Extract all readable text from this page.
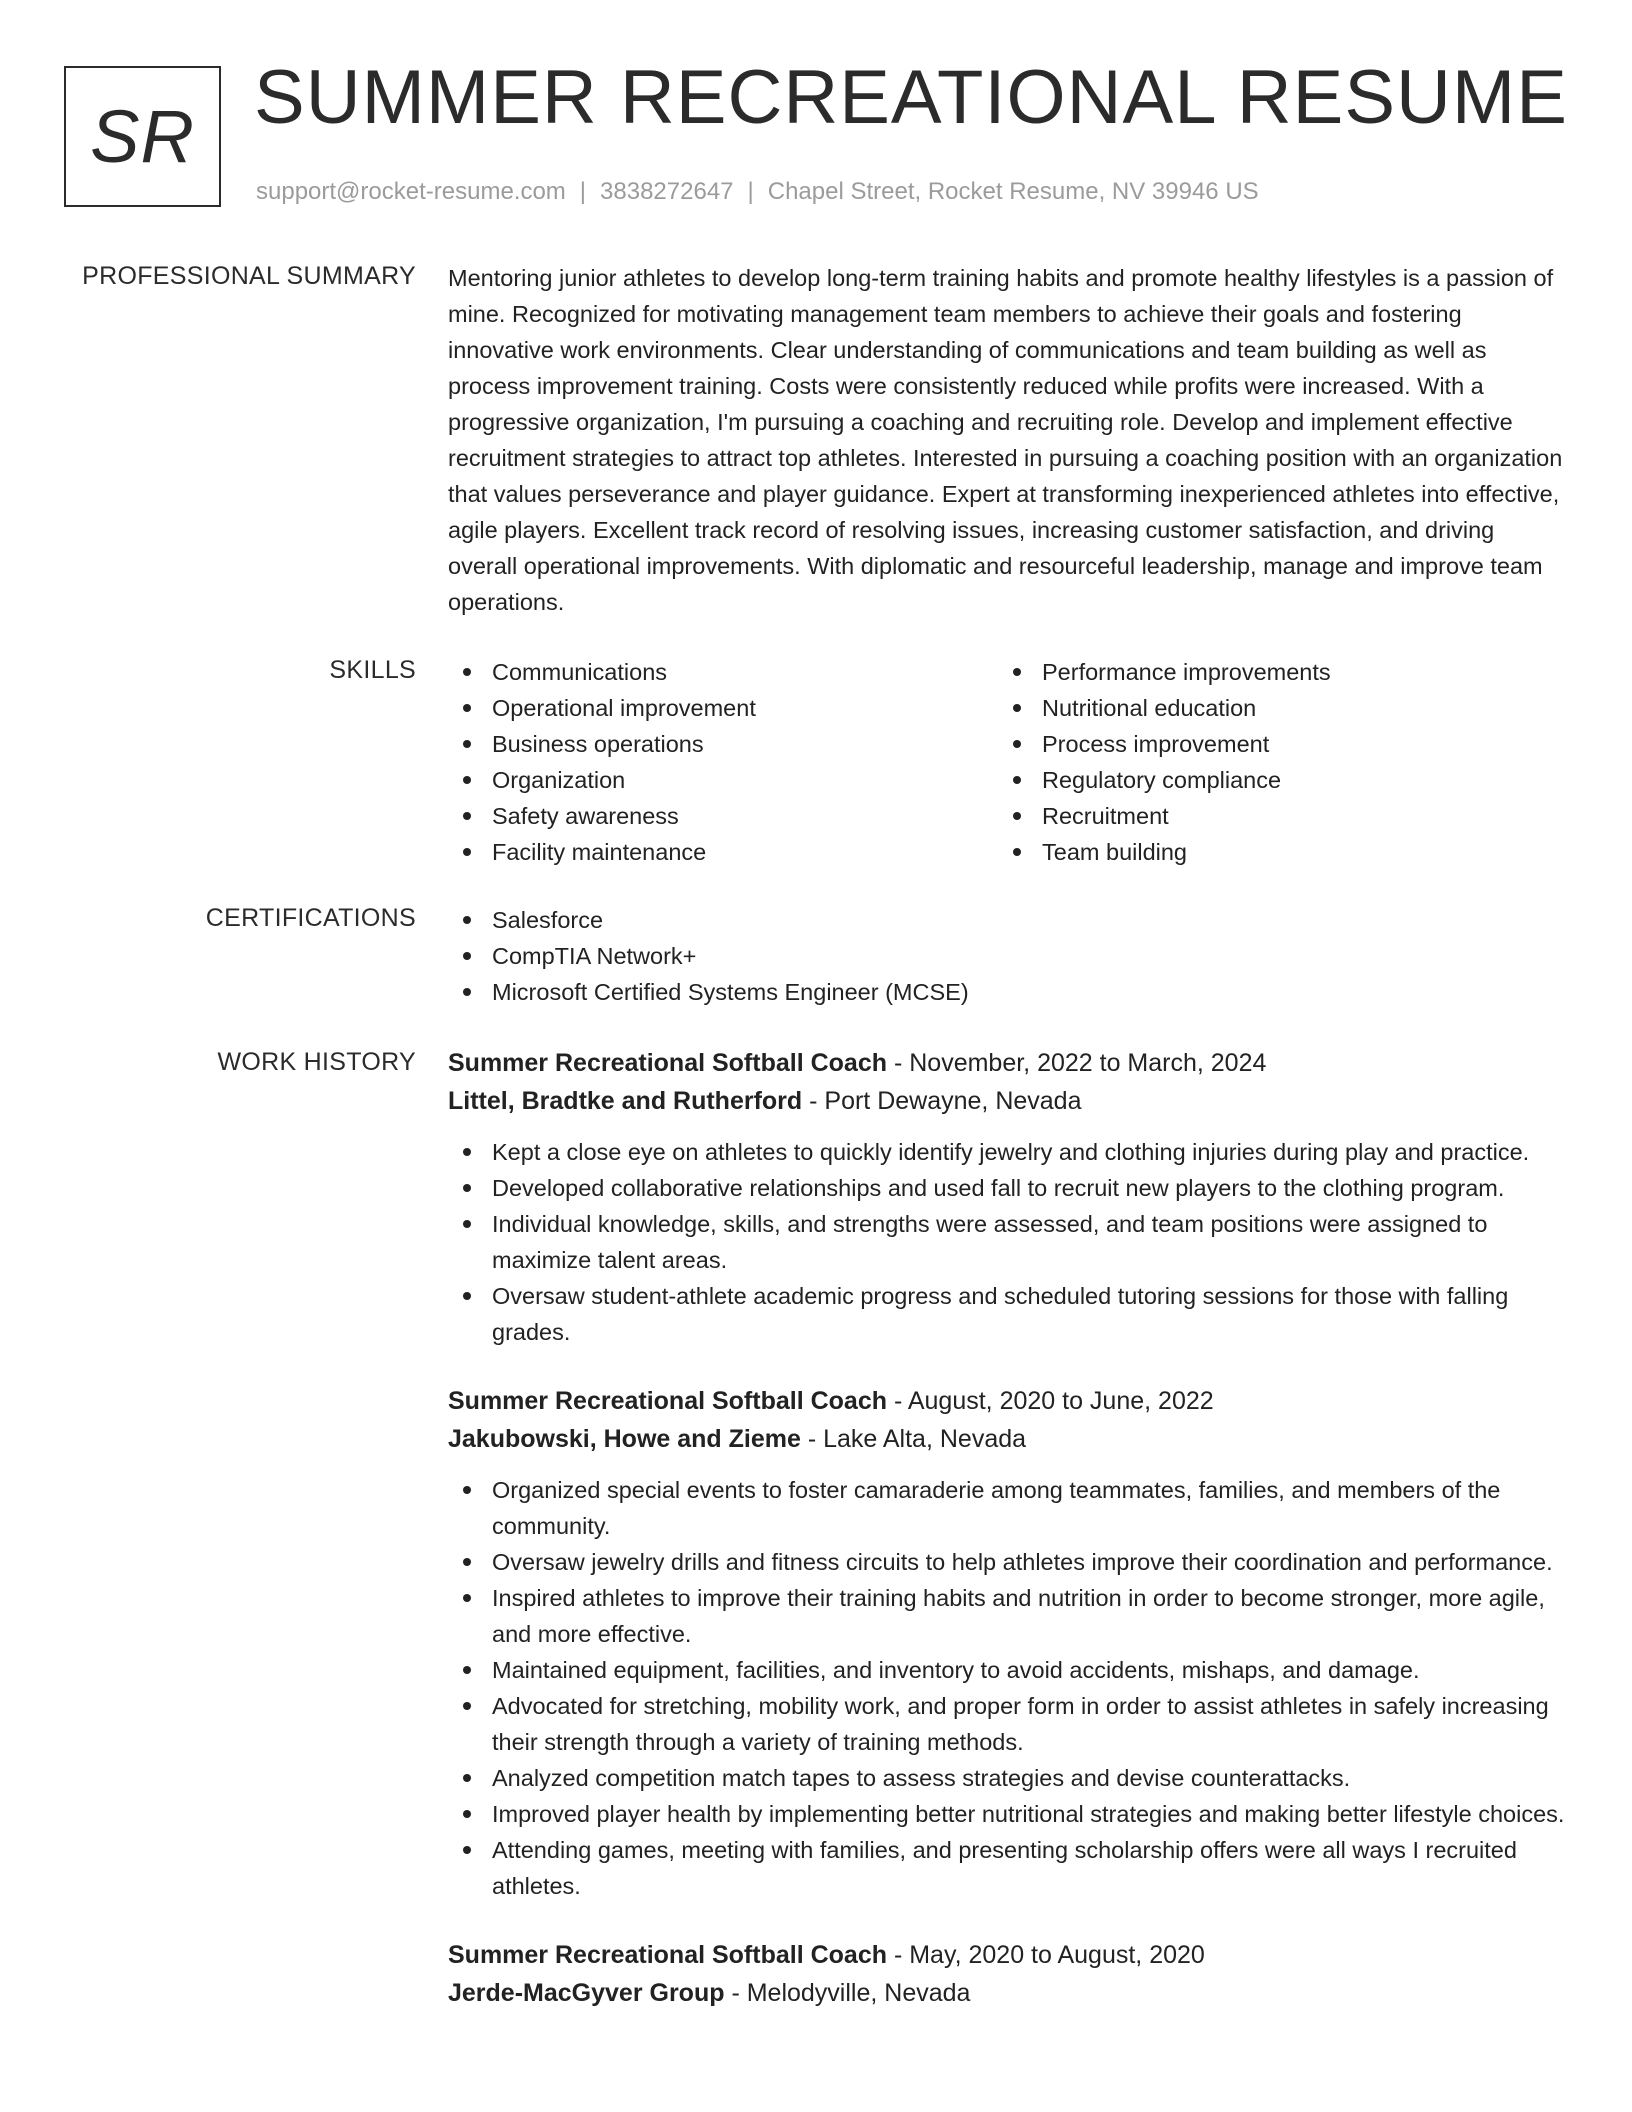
SR SUMMER RECREATIONAL RESUME
support@rocket-resume.com | 3838272647 | Chapel Street, Rocket Resume, NV 39946 US
PROFESSIONAL SUMMARY Mentoring junior athletes to develop long-term training habits and promote healthy lifestyles is a passion of mine. Recognized for motivating management team members to achieve their goals and fostering innovative work environments. Clear understanding of communications and team building as well as process improvement training. Costs were consistently reduced while profits were increased. With a progressive organization, I'm pursuing a coaching and recruiting role. Develop and implement effective recruitment strategies to attract top athletes. Interested in pursuing a coaching position with an organization that values perseverance and player guidance. Expert at transforming inexperienced athletes into effective, agile players. Excellent track record of resolving issues, increasing customer satisfaction, and driving overall operational improvements. With diplomatic and resourceful leadership, manage and improve team operations.

SKILLS	Communications
Operational improvement
Business operations
Organization
Safety awareness
Facility maintenance
Performance improvements
Nutritional education
Process improvement
Regulatory compliance
Recruitment
Team building
CERTIFICATIONS	Salesforce
CompTIA Network+
Microsoft Certified Systems Engineer (MCSE)
WORK HISTORY Summer Recreational Softball Coach - November, 2022 to March, 2024
Littel, Bradtke and Rutherford - Port Dewayne, Nevada
Kept a close eye on athletes to quickly identify jewelry and clothing injuries during play and practice.
Developed collaborative relationships and used fall to recruit new players to the clothing program.
Individual knowledge, skills, and strengths were assessed, and team positions were assigned to maximize talent areas.
Oversaw student-athlete academic progress and scheduled tutoring sessions for those with falling grades.
Summer Recreational Softball Coach - August, 2020 to June, 2022
Jakubowski, Howe and Zieme - Lake Alta, Nevada
Organized special events to foster camaraderie among teammates, families, and members of the community.
Oversaw jewelry drills and fitness circuits to help athletes improve their coordination and performance.
Inspired athletes to improve their training habits and nutrition in order to become stronger, more agile, and more effective.
Maintained equipment, facilities, and inventory to avoid accidents, mishaps, and damage.
Advocated for stretching, mobility work, and proper form in order to assist athletes in safely increasing their strength through a variety of training methods.
Analyzed competition match tapes to assess strategies and devise counterattacks.
Improved player health by implementing better nutritional strategies and making better lifestyle choices.
Attending games, meeting with families, and presenting scholarship offers were all ways I recruited athletes.
Summer Recreational Softball Coach - May, 2020 to August, 2020
Jerde-MacGyver Group - Melodyville, Nevada
